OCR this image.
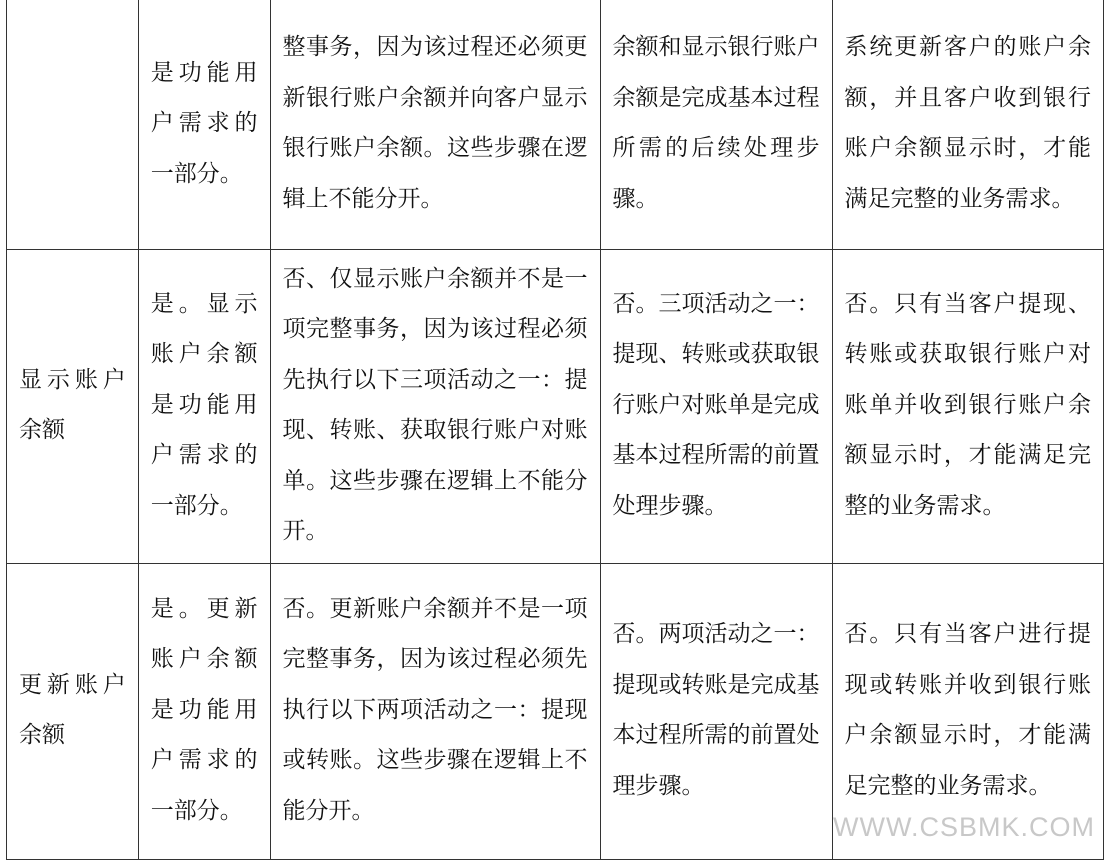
	是功能用户需求的一部分。	整事务，因为该过程还必须更新银行账户余额并向客户显示银行账户余额。这些步骤在逻辑上不能分开。	余额和显示银行账户余额是完成基本过程所需的后续处理步骤。	系统更新客户的账户余额，并且客户收到银行账户余额显示时，才能满足完整的业务需求。
显示账户余额	是。显示账户余额是功能用户需求的一部分。	否、仅显示账户余额并不是一项完整事务，因为该过程必须先执行以下三项活动之一：提现、转账、获取银行账户对账单。这些步骤在逻辑上不能分开。	否。三项活动之一：提现、转账或获取银行账户对账单是完成基本过程所需的前置处理步骤。	否。只有当客户提现、转账或获取银行账户对账单并收到银行账户余额显示时，才能满足完整的业务需求。
更新账户余额	是。更新账户余额是功能用户需求的一部分。	否。更新账户余额并不是一项完整事务，因为该过程必须先执行以下两项活动之一：提现或转账。这些步骤在逻辑上不能分开。	否。两项活动之一：提现或转账是完成基本过程所需的前置处理步骤。	否。只有当客户进行提现或转账并收到银行账户余额显示时，才能满足完整的业务需求。
WWW.CSBMK.COM
